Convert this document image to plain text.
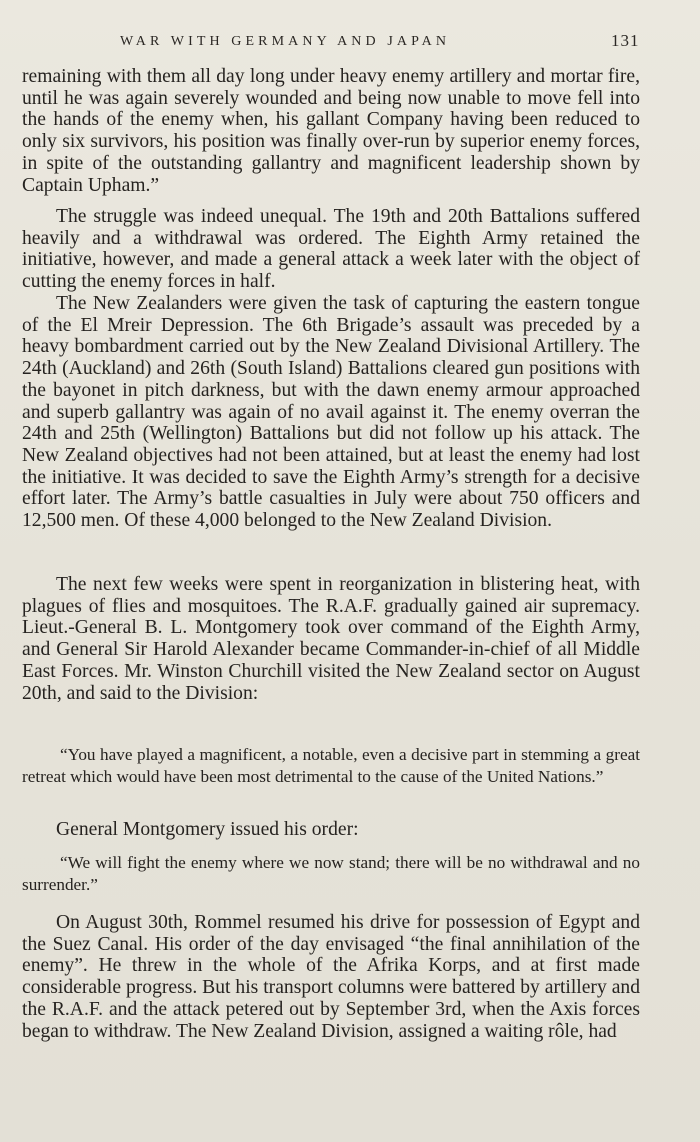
WAR WITH GERMANY AND JAPAN	131

remaining with them all day long under heavy enemy artillery and mortar fire, until he was again severely wounded and being now unable to move fell into the hands of the enemy when, his gallant Company having been reduced to only six survivors, his position was finally over-run by superior enemy forces, in spite of the outstanding gallantry and magnificent leadership shown by Captain Upham.”

The struggle was indeed unequal. The 19th and 20th Battalions suffered heavily and a withdrawal was ordered. The Eighth Army retained the initiative, however, and made a general attack a week later with the object of cutting the enemy forces in half.

The New Zealanders were given the task of capturing the eastern tongue of the El Mreir Depression. The 6th Brigade’s assault was preceded by a heavy bombardment carried out by the New Zealand Divisional Artillery. The 24th (Auckland) and 26th (South Island) Battalions cleared gun positions with the bayonet in pitch darkness, but with the dawn enemy armour approached and superb gallantry was again of no avail against it. The enemy overran the 24th and 25th (Wellington) Battalions but did not follow up his attack. The New Zealand objectives had not been attained, but at least the enemy had lost the initiative. It was decided to save the Eighth Army’s strength for a decisive effort later. The Army’s battle casualties in July were about 750 officers and 12,500 men. Of these 4,000 belonged to the New Zealand Division.

The next few weeks were spent in reorganization in blistering heat, with plagues of flies and mosquitoes. The R.A.F. gradually gained air supremacy. Lieut.-General B. L. Montgomery took over command of the Eighth Army, and General Sir Harold Alexander became Commander-in-chief of all Middle East Forces. Mr. Winston Churchill visited the New Zealand sector on August 20th, and said to the Division:

“You have played a magnificent, a notable, even a decisive part in stemming a great retreat which would have been most detrimental to the cause of the United Nations.”

General Montgomery issued his order:

“We will fight the enemy where we now stand; there will be no withdrawal and no surrender.”

On August 30th, Rommel resumed his drive for possession of Egypt and the Suez Canal. His order of the day envisaged “the final annihilation of the enemy”. He threw in the whole of the Afrika Korps, and at first made considerable progress. But his transport columns were battered by artillery and the R.A.F. and the attack petered out by September 3rd, when the Axis forces began to withdraw. The New Zealand Division, assigned a waiting rôle, had
